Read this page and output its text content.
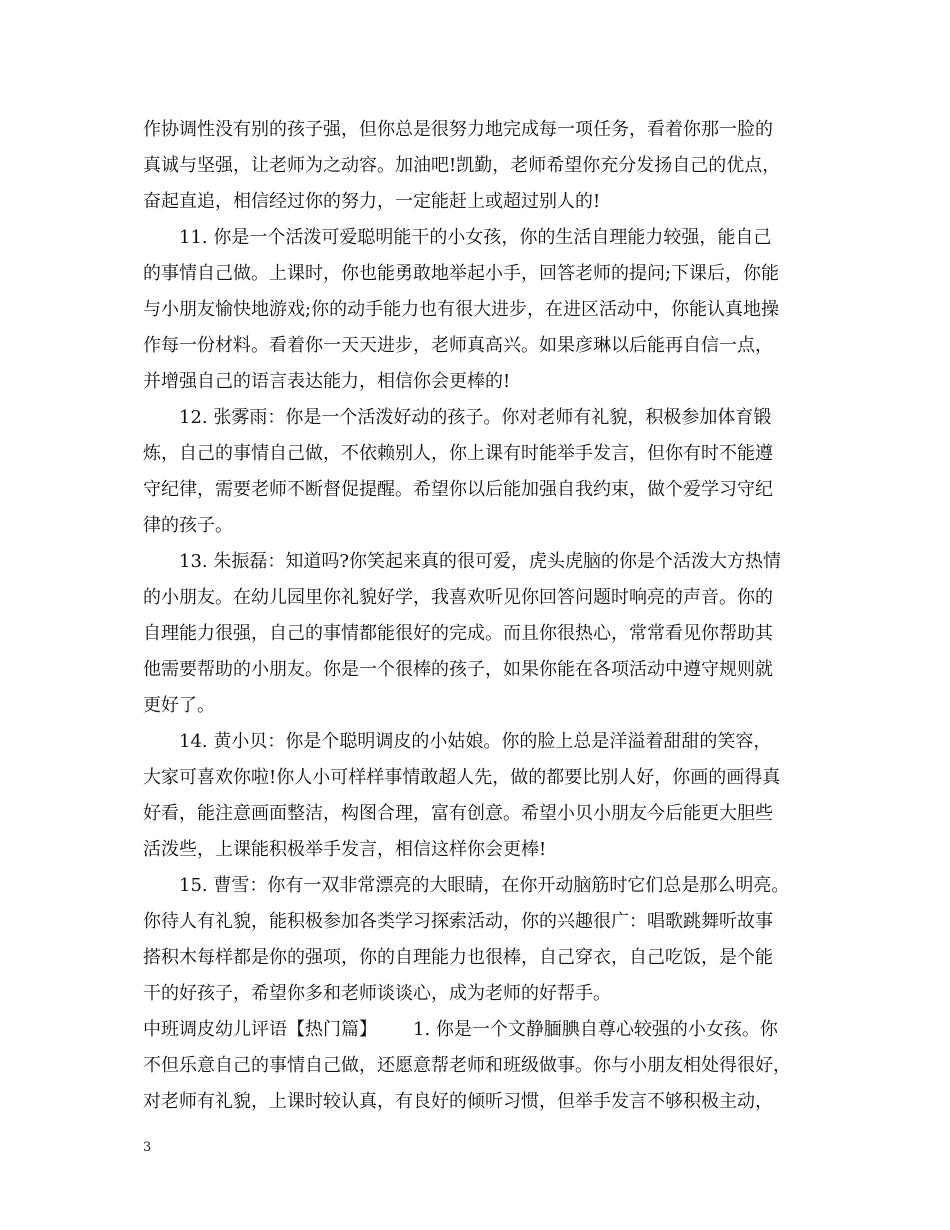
作协调性没有别的孩子强，但你总是很努力地完成每一项任务，看着你那一脸的
真诚与坚强，让老师为之动容。加油吧!凯勤，老师希望你充分发扬自己的优点，
奋起直追，相信经过你的努力，一定能赶上或超过别人的!
11. 你是一个活泼可爱聪明能干的小女孩，你的生活自理能力较强，能自己
的事情自己做。上课时，你也能勇敢地举起小手，回答老师的提问;下课后，你能
与小朋友愉快地游戏;你的动手能力也有很大进步，在进区活动中，你能认真地操
作每一份材料。看着你一天天进步，老师真高兴。如果彦琳以后能再自信一点，
并增强自己的语言表达能力，相信你会更棒的!
12. 张雾雨：你是一个活泼好动的孩子。你对老师有礼貌，积极参加体育锻
炼，自己的事情自己做，不依赖别人，你上课有时能举手发言，但你有时不能遵
守纪律，需要老师不断督促提醒。希望你以后能加强自我约束，做个爱学习守纪
律的孩子。
13. 朱振磊：知道吗?你笑起来真的很可爱，虎头虎脑的你是个活泼大方热情
的小朋友。在幼儿园里你礼貌好学，我喜欢听见你回答问题时响亮的声音。你的
自理能力很强，自己的事情都能很好的完成。而且你很热心，常常看见你帮助其
他需要帮助的小朋友。你是一个很棒的孩子，如果你能在各项活动中遵守规则就
更好了。
14. 黄小贝：你是个聪明调皮的小姑娘。你的脸上总是洋溢着甜甜的笑容，
大家可喜欢你啦!你人小可样样事情敢超人先，做的都要比别人好，你画的画得真
好看，能注意画面整洁，构图合理，富有创意。希望小贝小朋友今后能更大胆些
活泼些，上课能积极举手发言，相信这样你会更棒!
15. 曹雪：你有一双非常漂亮的大眼睛，在你开动脑筋时它们总是那么明亮。
你待人有礼貌，能积极参加各类学习探索活动，你的兴趣很广：唱歌跳舞听故事
搭积木每样都是你的强项，你的自理能力也很棒，自己穿衣，自己吃饭，是个能
干的好孩子，希望你多和老师谈谈心，成为老师的好帮手。
中班调皮幼儿评语【热门篇】 1. 你是一个文静腼腆自尊心较强的小女孩。你
不但乐意自己的事情自己做，还愿意帮老师和班级做事。你与小朋友相处得很好，
对老师有礼貌，上课时较认真，有良好的倾听习惯，但举手发言不够积极主动，
3
